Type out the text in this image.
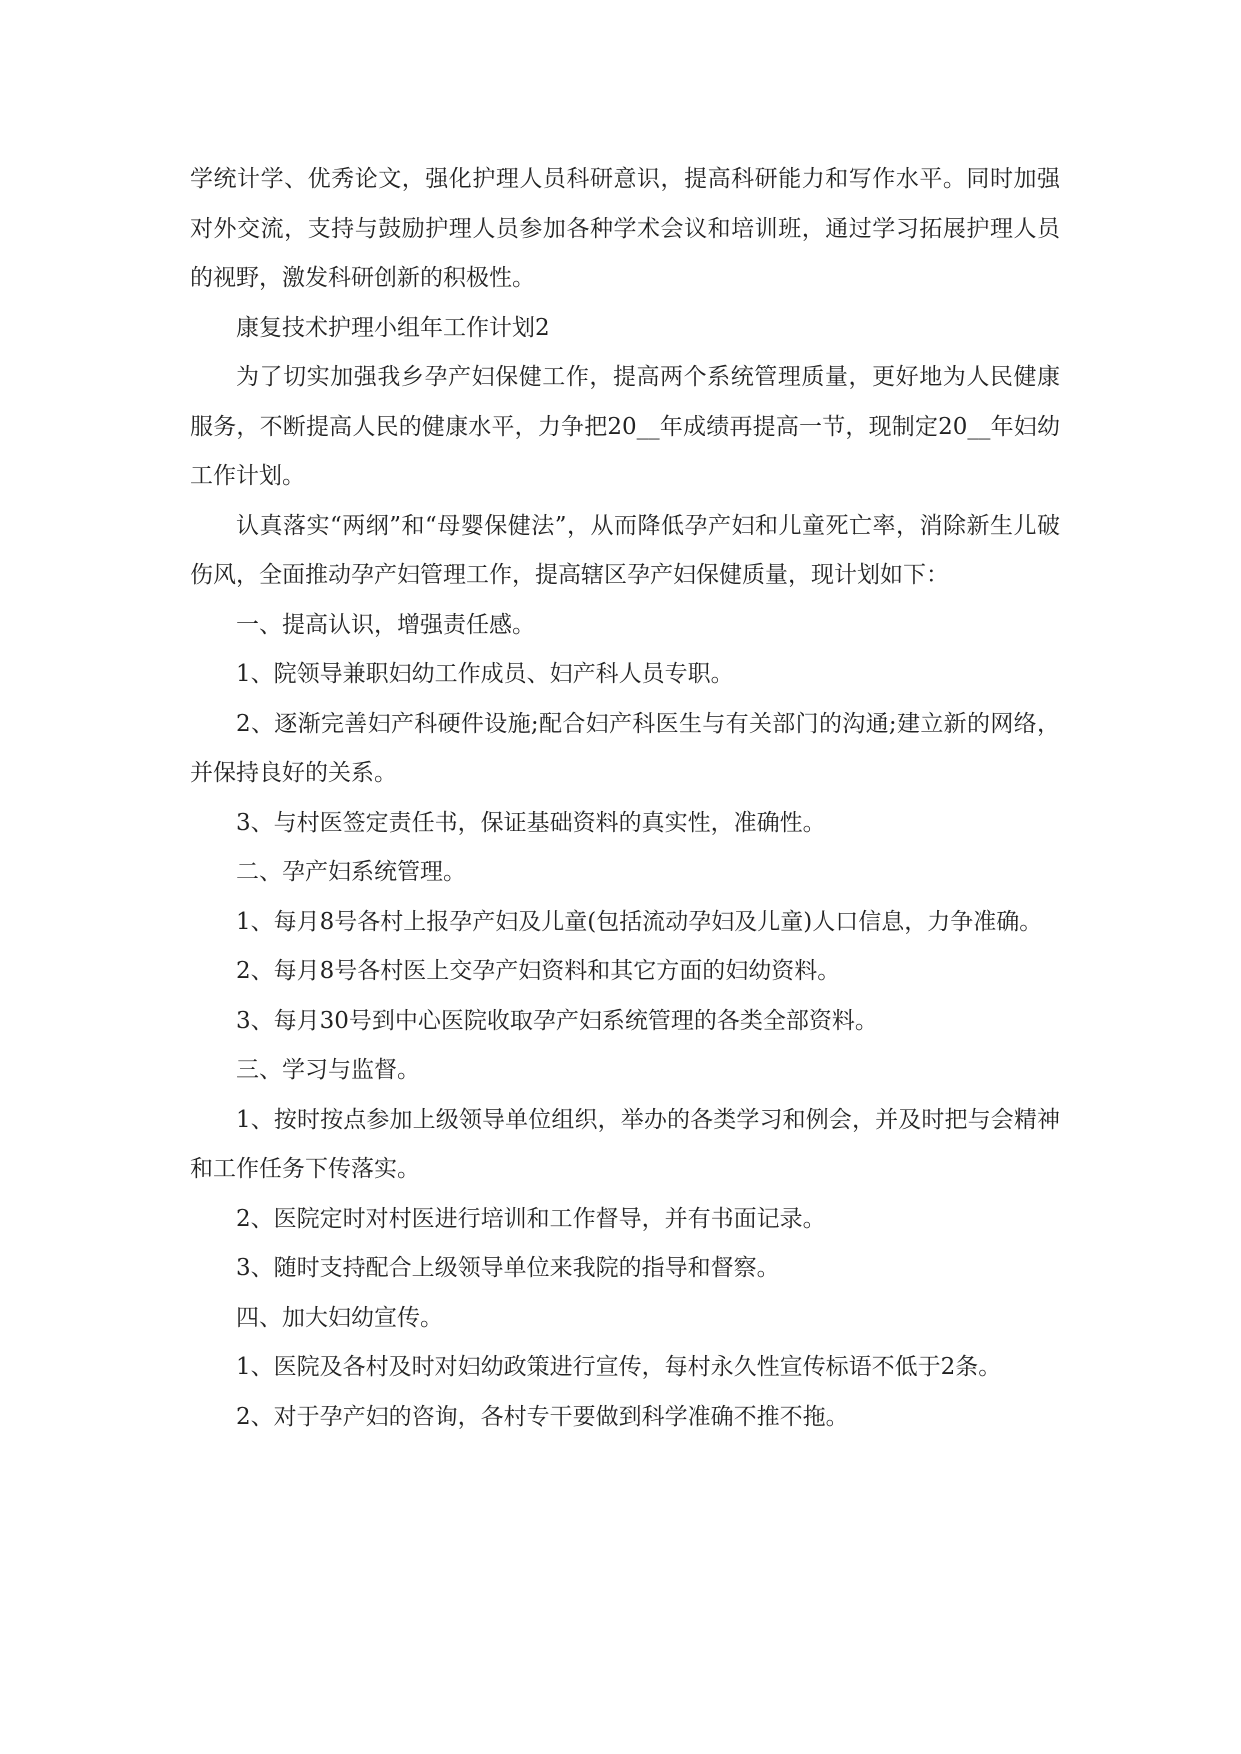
学统计学、优秀论文，强化护理人员科研意识，提高科研能力和写作水平。同时加强对外交流，支持与鼓励护理人员参加各种学术会议和培训班，通过学习拓展护理人员的视野，激发科研创新的积极性。

康复技术护理小组年工作计划2

为了切实加强我乡孕产妇保健工作，提高两个系统管理质量，更好地为人民健康服务，不断提高人民的健康水平，力争把20__年成绩再提高一节，现制定20__年妇幼工作计划。

认真落实“两纲”和“母婴保健法”，从而降低孕产妇和儿童死亡率，消除新生儿破伤风，全面推动孕产妇管理工作，提高辖区孕产妇保健质量，现计划如下：

一、提高认识，增强责任感。

1、院领导兼职妇幼工作成员、妇产科人员专职。

2、逐渐完善妇产科硬件设施;配合妇产科医生与有关部门的沟通;建立新的网络，并保持良好的关系。

3、与村医签定责任书，保证基础资料的真实性，准确性。

二、孕产妇系统管理。

1、每月8号各村上报孕产妇及儿童(包括流动孕妇及儿童)人口信息，力争准确。

2、每月8号各村医上交孕产妇资料和其它方面的妇幼资料。

3、每月30号到中心医院收取孕产妇系统管理的各类全部资料。

三、学习与监督。

1、按时按点参加上级领导单位组织，举办的各类学习和例会，并及时把与会精神和工作任务下传落实。

2、医院定时对村医进行培训和工作督导，并有书面记录。

3、随时支持配合上级领导单位来我院的指导和督察。

四、加大妇幼宣传。

1、医院及各村及时对妇幼政策进行宣传，每村永久性宣传标语不低于2条。

2、对于孕产妇的咨询，各村专干要做到科学准确不推不拖。
